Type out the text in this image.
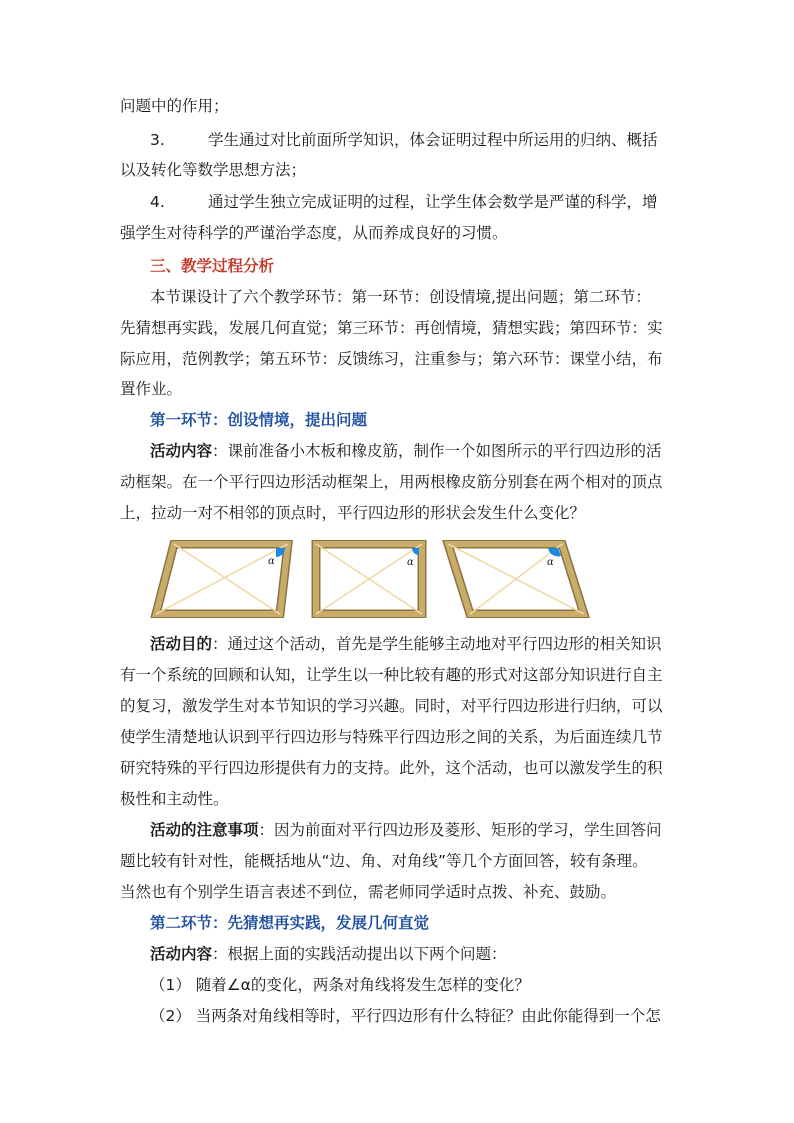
问题中的作用；
3.	学生通过对比前面所学知识，体会证明过程中所运用的归纳、概括
以及转化等数学思想方法；
4.	通过学生独立完成证明的过程，让学生体会数学是严谨的科学，增
强学生对待科学的严谨治学态度，从而养成良好的习惯。
三、教学过程分析
本节课设计了六个教学环节：第一环节：创设情境,提出问题；第二环节：
先猜想再实践，发展几何直觉；第三环节：再创情境，猜想实践；第四环节：实
际应用，范例教学；第五环节：反馈练习，注重参与；第六环节：课堂小结，布
置作业。
第一环节：创设情境，提出问题
活动内容：课前准备小木板和橡皮筋，制作一个如图所示的平行四边形的活
动框架。在一个平行四边形活动框架上，用两根橡皮筋分别套在两个相对的顶点
上，拉动一对不相邻的顶点时，平行四边形的形状会发生什么变化？
α	α	α
活动目的：通过这个活动，首先是学生能够主动地对平行四边形的相关知识
有一个系统的回顾和认知，让学生以一种比较有趣的形式对这部分知识进行自主
的复习，激发学生对本节知识的学习兴趣。同时，对平行四边形进行归纳，可以
使学生清楚地认识到平行四边形与特殊平行四边形之间的关系，为后面连续几节
研究特殊的平行四边形提供有力的支持。此外，这个活动，也可以激发学生的积
极性和主动性。
活动的注意事项：因为前面对平行四边形及菱形、矩形的学习，学生回答问
题比较有针对性，能概括地从“边、角、对角线”等几个方面回答，较有条理。
当然也有个别学生语言表述不到位，需老师同学适时点拨、补充、鼓励。
第二环节：先猜想再实践，发展几何直觉
活动内容：根据上面的实践活动提出以下两个问题：
（1） 随着∠α的变化，两条对角线将发生怎样的变化？
（2） 当两条对角线相等时，平行四边形有什么特征？由此你能得到一个怎
